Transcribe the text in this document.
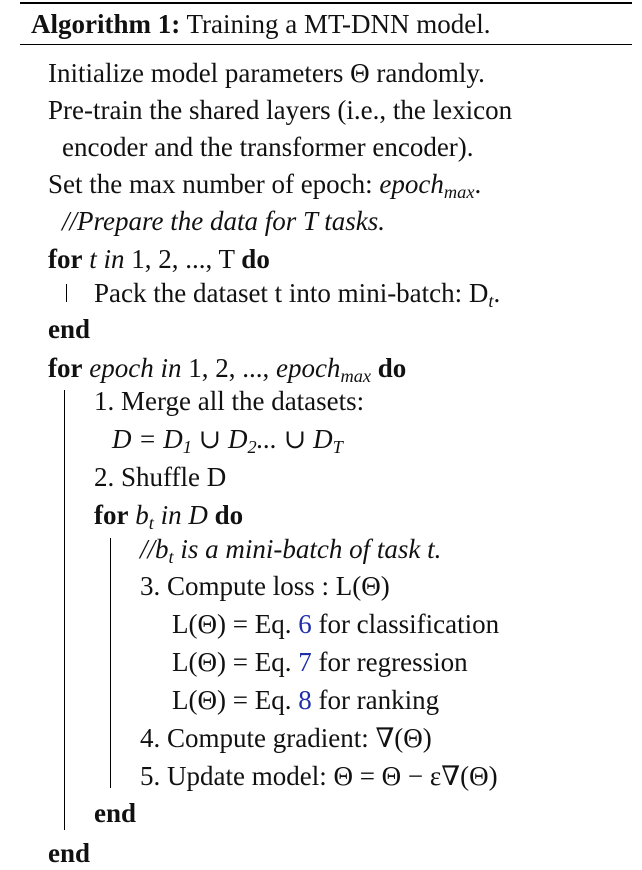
Algorithm 1: Training a MT-DNN model.
Initialize model parameters Θ randomly.
Pre-train the shared layers (i.e., the lexicon
encoder and the transformer encoder).
Set the max number of epoch: epoch$_{max}$.
//Prepare the data for T tasks.
for t in 1, 2, ..., T do
Pack the dataset t into mini-batch: $D_t$.
end
for epoch in 1, 2, ..., epoch$_{max}$ do
1. Merge all the datasets:
$D = D_1$ ∪ $D_2$... ∪ $D_T$
2. Shuffle D
for $b_t$ in D do
$//b_t$ is a mini-batch of task t.
3. Compute loss : L(Θ)
L(Θ) = Eq. 6 for classification
L(Θ) = Eq. 7 for regression
L(Θ) = Eq. 8 for ranking
4. Compute gradient: ∇(Θ)
5. Update model: Θ = Θ − ε∇(Θ)
end
end
